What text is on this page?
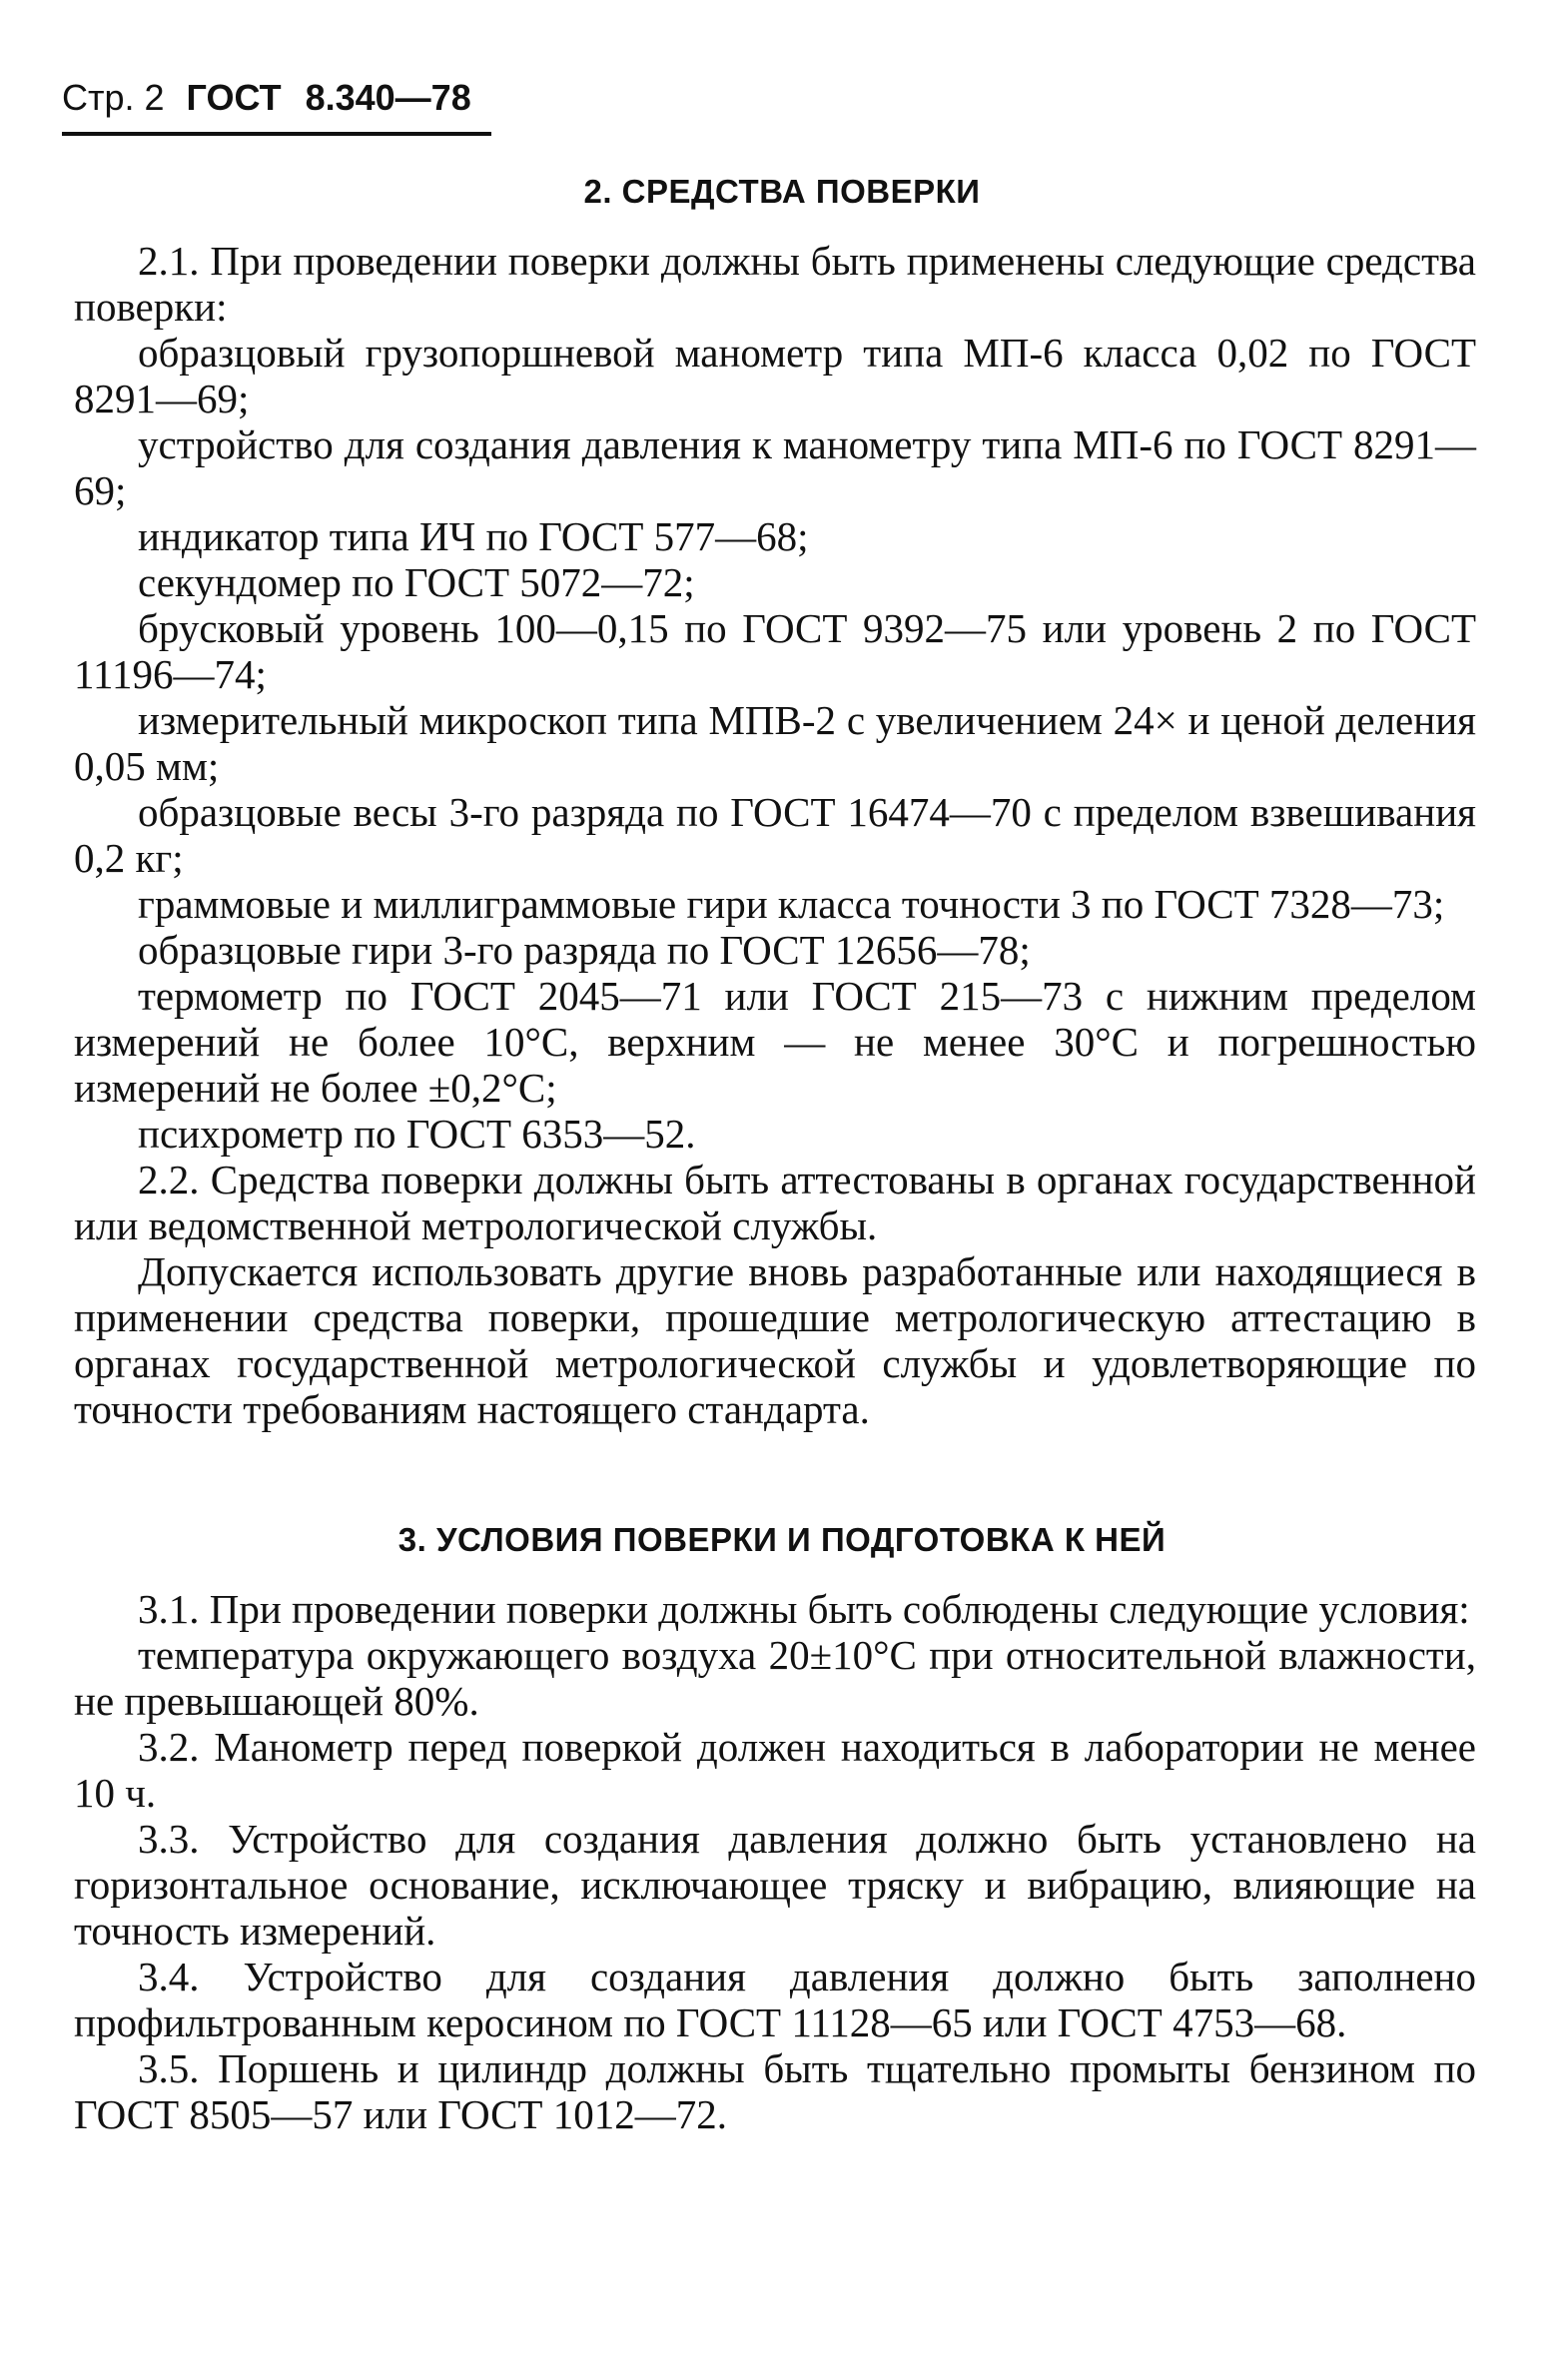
Стр. 2 ГОСТ 8.340—78
2. СРЕДСТВА ПОВЕРКИ

2.1. При проведении поверки должны быть применены следующие средства поверки:

образцовый грузопоршневой манометр типа МП-6 класса 0,02 по ГОСТ 8291—69;

устройство для создания давления к манометру типа МП-6 по ГОСТ 8291—69;

индикатор типа ИЧ по ГОСТ 577—68;

секундомер по ГОСТ 5072—72;

брусковый уровень 100—0,15 по ГОСТ 9392—75 или уровень 2 по ГОСТ 11196—74;

измерительный микроскоп типа МПВ-2 с увеличением 24× и ценой деления 0,05 мм;

образцовые весы 3-го разряда по ГОСТ 16474—70 с пределом взвешивания 0,2 кг;

граммовые и миллиграммовые гири класса точности 3 по ГОСТ 7328—73;

образцовые гири 3-го разряда по ГОСТ 12656—78;

термометр по ГОСТ 2045—71 или ГОСТ 215—73 с нижним пределом измерений не более 10°С, верхним — не менее 30°С и погрешностью измерений не более ±0,2°С;

психрометр по ГОСТ 6353—52.

2.2. Средства поверки должны быть аттестованы в органах государственной или ведомственной метрологической службы.

Допускается использовать другие вновь разработанные или находящиеся в применении средства поверки, прошедшие метрологическую аттестацию в органах государственной метрологической службы и удовлетворяющие по точности требованиям настоящего стандарта.

3. УСЛОВИЯ ПОВЕРКИ И ПОДГОТОВКА К НЕЙ

3.1. При проведении поверки должны быть соблюдены следующие условия:

температура окружающего воздуха 20±10°С при относительной влажности, не превышающей 80%.

3.2. Манометр перед поверкой должен находиться в лаборатории не менее 10 ч.

3.3. Устройство для создания давления должно быть установлено на горизонтальное основание, исключающее тряску и вибрацию, влияющие на точность измерений.

3.4. Устройство для создания давления должно быть заполнено профильтрованным керосином по ГОСТ 11128—65 или ГОСТ 4753—68.

3.5. Поршень и цилиндр должны быть тщательно промыты бензином по ГОСТ 8505—57 или ГОСТ 1012—72.
